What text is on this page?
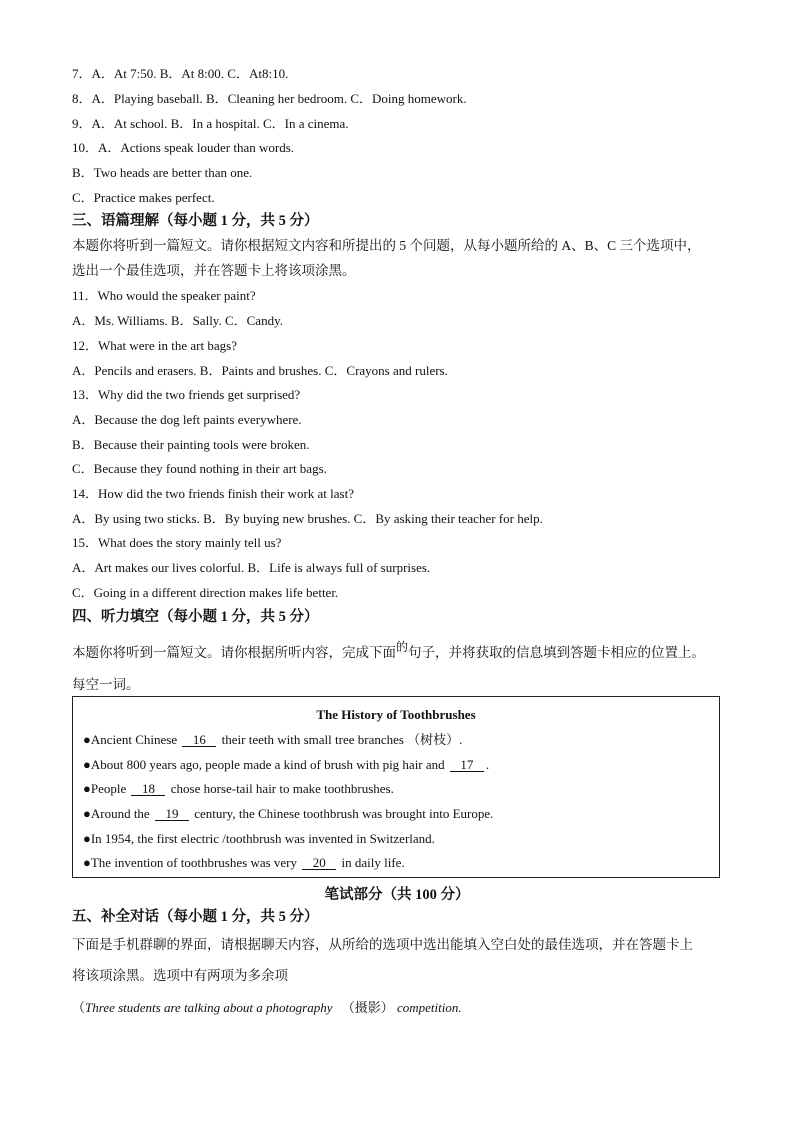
7．A．At 7:50. B．At 8:00. C．At8:10.
8．A．Playing baseball. B．Cleaning her bedroom. C．Doing homework.
9．A．At school. B．In a hospital. C．In a cinema.
10．A．Actions speak louder than words.
B．Two heads are better than one.
C．Practice makes perfect.
三、语篇理解（每小题 1 分，共 5 分）
本题你将听到一篇短文。请你根据短文内容和所提出的 5 个问题，从每小题所给的 A、B、C 三个选项中，
选出一个最佳选项，并在答题卡上将该项涂黑。
11．Who would the speaker paint?
A．Ms. Williams. B．Sally. C．Candy.
12．What were in the art bags?
A．Pencils and erasers. B．Paints and brushes. C．Crayons and rulers.
13．Why did the two friends get surprised?
A．Because the dog left paints everywhere.
B．Because their painting tools were broken.
C．Because they found nothing in their art bags.
14．How did the two friends finish their work at last?
A．By using two sticks. B．By buying new brushes. C．By asking their teacher for help.
15．What does the story mainly tell us?
A．Art makes our lives colorful. B．Life is always full of surprises.
C．Going in a different direction makes life better.
四、听力填空（每小题 1 分，共 5 分）
本题你将听到一篇短文。请你根据所听内容，完成下面的句子，并将获取的信息填到答题卡相应的位置上。
每空一词。
The History of Toothbrushes
●Ancient Chinese 16 their teeth with small tree branches （树枝）.
●About 800 years ago, people made a kind of brush with pig hair and 17 .
●People 18 chose horse-tail hair to make toothbrushes.
●Around the 19 century, the Chinese toothbrush was brought into Europe.
●In 1954, the first electric /toothbrush was invented in Switzerland.
●The invention of toothbrushes was very 20 in daily life.
笔试部分（共 100 分）
五、补全对话（每小题 1 分，共 5 分）
下面是手机群聊的界面，请根据聊天内容，从所给的选项中选出能填入空白处的最佳选项，并在答题卡上
将该项涂黑。选项中有两项为多余项
（Three students are talking about a photography （摄影） competition.
